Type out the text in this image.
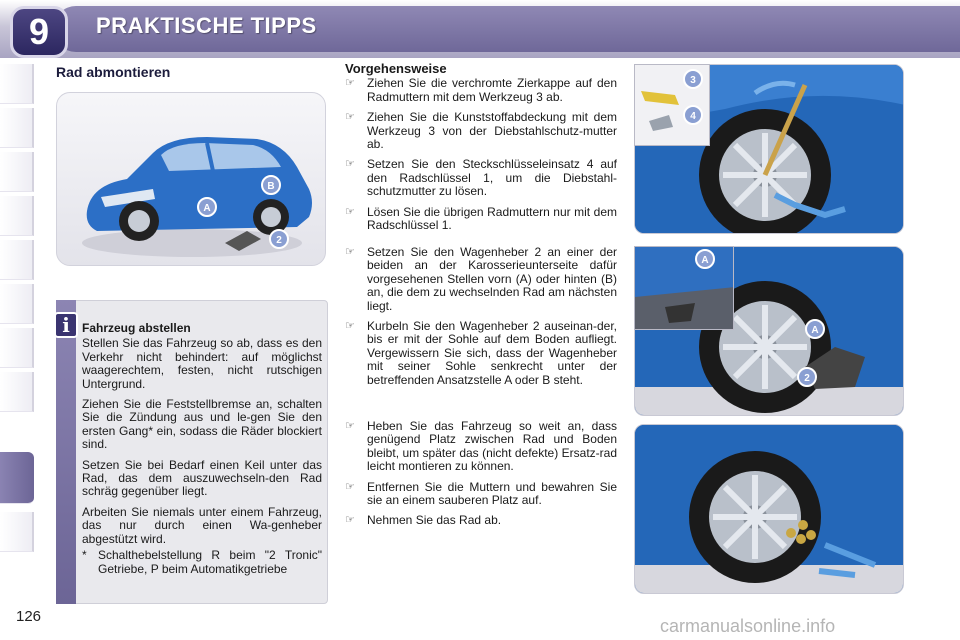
9 PRAKTISCHE TIPPS
126
Rad abmontieren
A
B
2
i	Fahrzeug abstellen

Stellen Sie das Fahrzeug so ab, dass es den Verkehr nicht behindert: auf möglichst waagerechtem, festen, nicht rutschigen Untergrund.

Ziehen Sie die Feststellbremse an, schalten Sie die Zündung aus und le-gen Sie den ersten Gang* ein, sodass die Räder blockiert sind.

Setzen Sie bei Bedarf einen Keil unter das Rad, das dem auszuwechseln-den Rad schräg gegenüber liegt.

Arbeiten Sie niemals unter einem Fahrzeug, das nur durch einen Wa-genheber abgestützt wird.

* Schalthebelstellung R beim "2 Tronic" Getriebe, P beim Automatikgetriebe
Vorgehensweise
☞	Ziehen Sie die verchromte Zierkappe auf den Radmuttern mit dem Werkzeug 3 ab.
☞	Ziehen Sie die Kunststoffabdeckung mit dem Werkzeug 3 von der Diebstahlschutz-mutter ab.
☞	Setzen Sie den Steckschlüsseleinsatz 4 auf den Radschlüssel 1, um die Diebstahl-schutzmutter zu lösen.
☞	Lösen Sie die übrigen Radmuttern nur mit dem Radschlüssel 1.
☞	Setzen Sie den Wagenheber 2 an einer der beiden an der Karosserieunterseite dafür vorgesehenen Stellen vorn (A) oder hinten (B) an, die dem zu wechselnden Rad am nächsten liegt.
☞	Kurbeln Sie den Wagenheber 2 auseinan-der, bis er mit der Sohle auf dem Boden aufliegt. Vergewissern Sie sich, dass der Wagenheber mit seiner Sohle senkrecht unter der betreffenden Ansatzstelle A oder B steht.
☞	Heben Sie das Fahrzeug so weit an, dass genügend Platz zwischen Rad und Boden bleibt, um später das (nicht defekte) Ersatz-rad leicht montieren zu können.
☞	Entfernen Sie die Muttern und bewahren Sie sie an einem sauberen Platz auf.
☞	Nehmen Sie das Rad ab.
3
4
A
2
A
carmanualsonline.info
